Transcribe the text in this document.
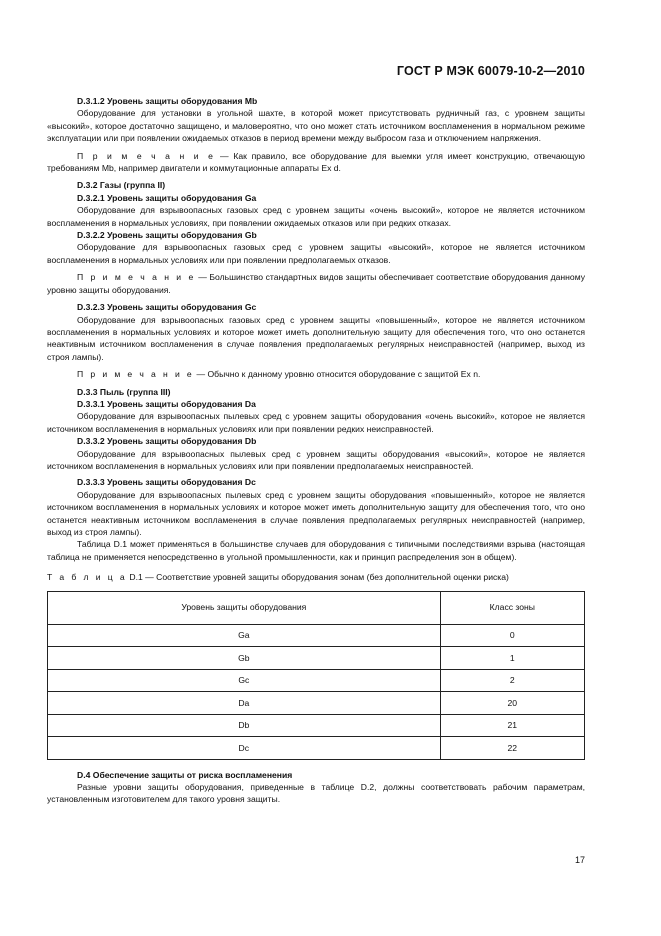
ГОСТ Р МЭК 60079-10-2—2010

D.3.1.2 Уровень защиты оборудования Mb

Оборудование для установки в угольной шахте, в которой может присутствовать рудничный газ, с уровнем защиты «высокий», которое достаточно защищено, и маловероятно, что оно может стать источником воспламенения в нормальном режиме эксплуатации или при появлении ожидаемых отказов в период времени между выбросом газа и отключением напряжения.

П р и м е ч а н и е — Как правило, все оборудование для выемки угля имеет конструкцию, отвечающую требованиям Mb, например двигатели и коммутационные аппараты Ex d.

D.3.2 Газы (группа II)

D.3.2.1 Уровень защиты оборудования Ga

Оборудование для взрывоопасных газовых сред с уровнем защиты «очень высокий», которое не является источником воспламенения в нормальных условиях, при появлении ожидаемых отказов или при редких отказах.

D.3.2.2 Уровень защиты оборудования Gb

Оборудование для взрывоопасных газовых сред с уровнем защиты «высокий», которое не является источником воспламенения в нормальных условиях или при появлении предполагаемых отказов.

П р и м е ч а н и е — Большинство стандартных видов защиты обеспечивает соответствие оборудования данному уровню защиты оборудования.

D.3.2.3 Уровень защиты оборудования Gc

Оборудование для взрывоопасных газовых сред с уровнем защиты «повышенный», которое не является источником воспламенения в нормальных условиях и которое может иметь дополнительную защиту для обеспечения того, что оно останется неактивным источником воспламенения в случае появления предполагаемых регулярных неисправностей (например, выход из строя лампы).

П р и м е ч а н и е — Обычно к данному уровню относится оборудование с защитой Ex n.

D.3.3 Пыль (группа III)

D.3.3.1 Уровень защиты оборудования Da

Оборудование для взрывоопасных пылевых сред с уровнем защиты оборудования «очень высокий», которое не является источником воспламенения в нормальных условиях или при появлении редких неисправностей.

D.3.3.2 Уровень защиты оборудования Db

Оборудование для взрывоопасных пылевых сред с уровнем защиты оборудования «высокий», которое не является источником воспламенения в нормальных условиях или при появлении предполагаемых неисправностей.

D.3.3.3 Уровень защиты оборудования Dc

Оборудование для взрывоопасных пылевых сред с уровнем защиты оборудования «повышенный», которое не является источником воспламенения в нормальных условиях и которое может иметь дополнительную защиту для обеспечения того, что оно останется неактивным источником воспламенения в случае появления предполагаемых регулярных неисправностей (например, выход из строя лампы).

Таблица D.1 может применяться в большинстве случаев для оборудования с типичными последствиями взрыва (настоящая таблица не применяется непосредственно в угольной промышленности, как и принцип распределения зон в общем).

Т а б л и ц а D.1 — Соответствие уровней защиты оборудования зонам (без дополнительной оценки риска)

Уровень защиты оборудования	Класс зоны
Ga	0
Gb	1
Gc	2
Da	20
Db	21
Dc	22

D.4 Обеспечение защиты от риска воспламенения

Разные уровни защиты оборудования, приведенные в таблице D.2, должны соответствовать рабочим параметрам, установленным изготовителем для такого уровня защиты.

17
